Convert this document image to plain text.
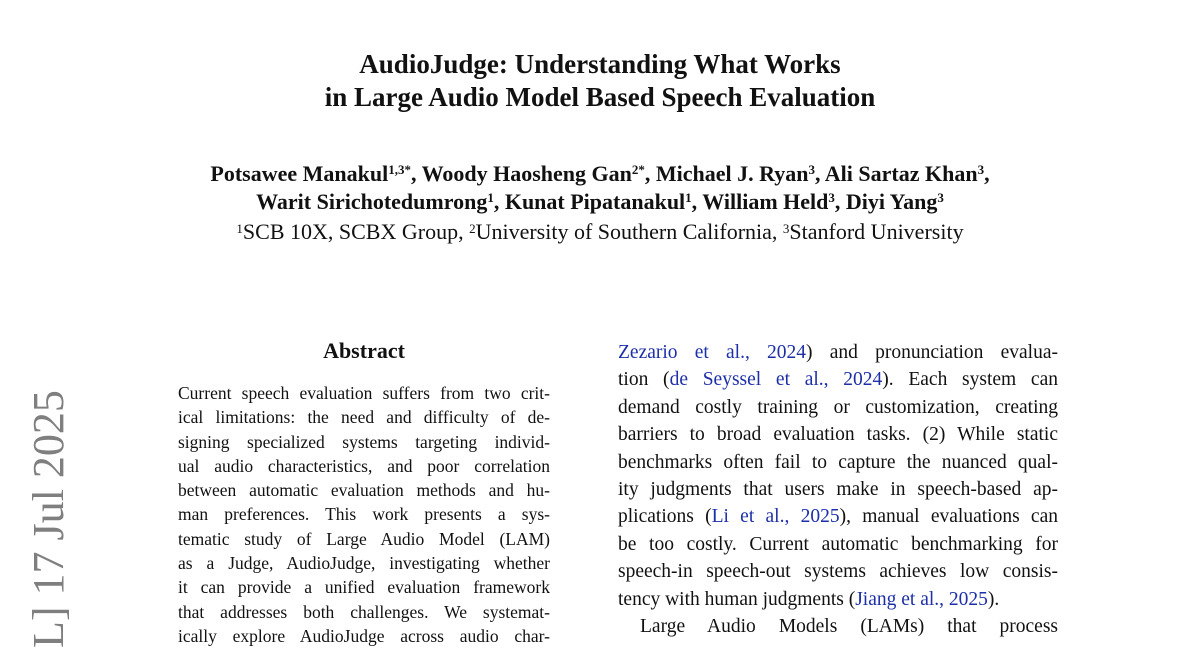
AudioJudge: Understanding What Works
in Large Audio Model Based Speech Evaluation
Potsawee Manakul$^{1,3*}$, Woody Haosheng Gan$^{2*}$, Michael J. Ryan$^3$, Ali Sartaz Khan$^3$,
Warit Sirichotedumrong$^1$, Kunat Pipatanakul$^1$, William Held$^3$, Diyi Yang$^3$
$^1$SCB 10X, SCBX Group, $^2$University of Southern California, $^3$Stanford University
L] 17 Jul 2025
Abstract
Current speech evaluation suffers from two crit-
ical limitations: the need and difficulty of de-
signing specialized systems targeting individ-
ual audio characteristics, and poor correlation
between automatic evaluation methods and hu-
man preferences. This work presents a sys-
tematic study of Large Audio Model (LAM)
as a Judge, AudioJudge, investigating whether
it can provide a unified evaluation framework
that addresses both challenges. We systemat-
ically explore AudioJudge across audio char-
Zezario et al., 2024) and pronunciation evalua-
tion (de Seyssel et al., 2024). Each system can
demand costly training or customization, creating
barriers to broad evaluation tasks. (2) While static
benchmarks often fail to capture the nuanced qual-
ity judgments that users make in speech-based ap-
plications (Li et al., 2025), manual evaluations can
be too costly. Current automatic benchmarking for
speech-in speech-out systems achieves low consis-
tency with human judgments (Jiang et al., 2025).
Large Audio Models (LAMs) that process
